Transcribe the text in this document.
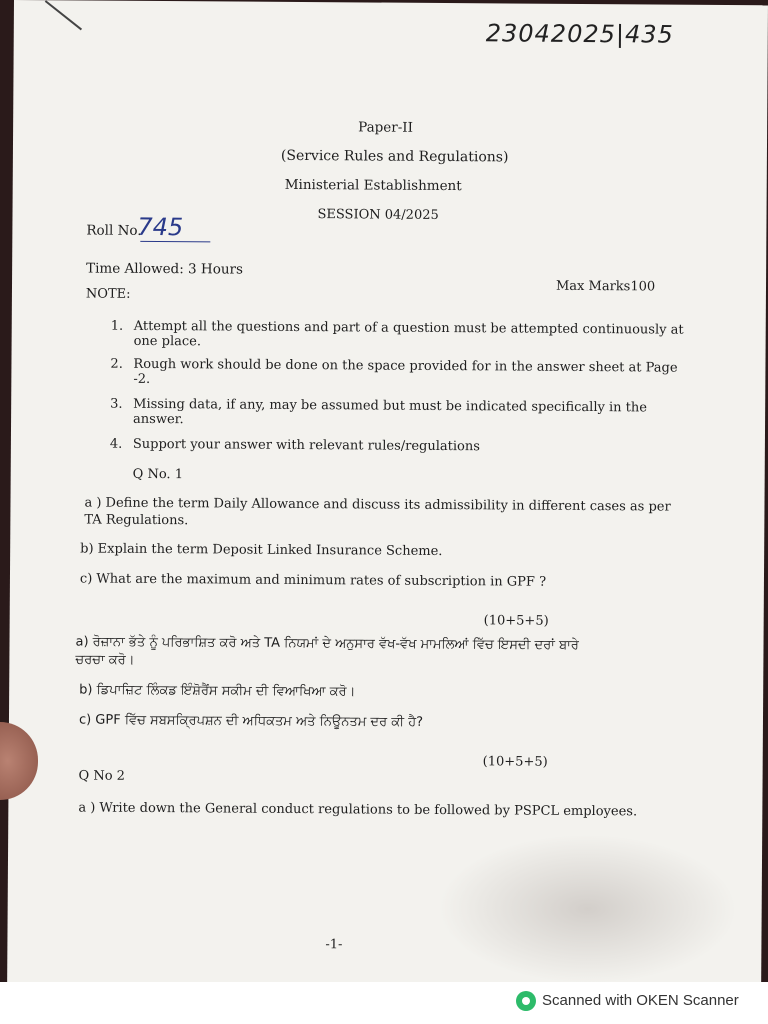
23042025|435
Paper-II
(Service Rules and Regulations)
Ministerial Establishment
SESSION 04/2025
Roll No.
745
Time Allowed: 3 Hours
Max Marks100
NOTE:
1. Attempt all the questions and part of a question must be attempted continuously at
one place.
2. Rough work should be done on the space provided for in the answer sheet at Page
-2.
3. Missing data, if any, may be assumed but must be indicated specifically in the
answer.
4. Support your answer with relevant rules/regulations
Q No. 1
a ) Define the term Daily Allowance and discuss its admissibility in different cases as per
TA Regulations.
b) Explain the term Deposit Linked Insurance Scheme.
c) What are the maximum and minimum rates of subscription in GPF ?
(10+5+5)
a) ਰੋਜ਼ਾਨਾ ਭੱਤੇ ਨੂੰ ਪਰਿਭਾਸ਼ਿਤ ਕਰੋ ਅਤੇ TA ਨਿਯਮਾਂ ਦੇ ਅਨੁਸਾਰ ਵੱਖ-ਵੱਖ ਮਾਮਲਿਆਂ ਵਿੱਚ ਇਸਦੀ ਦਰਾਂ ਬਾਰੇ
ਚਰਚਾ ਕਰੋ।
b) ਡਿਪਾਜ਼ਿਟ ਲਿੰਕਡ ਇੰਸ਼ੋਰੈਂਸ ਸਕੀਮ ਦੀ ਵਿਆਖਿਆ ਕਰੋ।
c) GPF ਵਿੱਚ ਸਬਸਕ੍ਰਿਪਸ਼ਨ ਦੀ ਅਧਿਕਤਮ ਅਤੇ ਨਿਊਨਤਮ ਦਰ ਕੀ ਹੈ?
(10+5+5)
Q No 2
a ) Write down the General conduct regulations to be followed by PSPCL employees.
-1-
Scanned with OKEN Scanner
